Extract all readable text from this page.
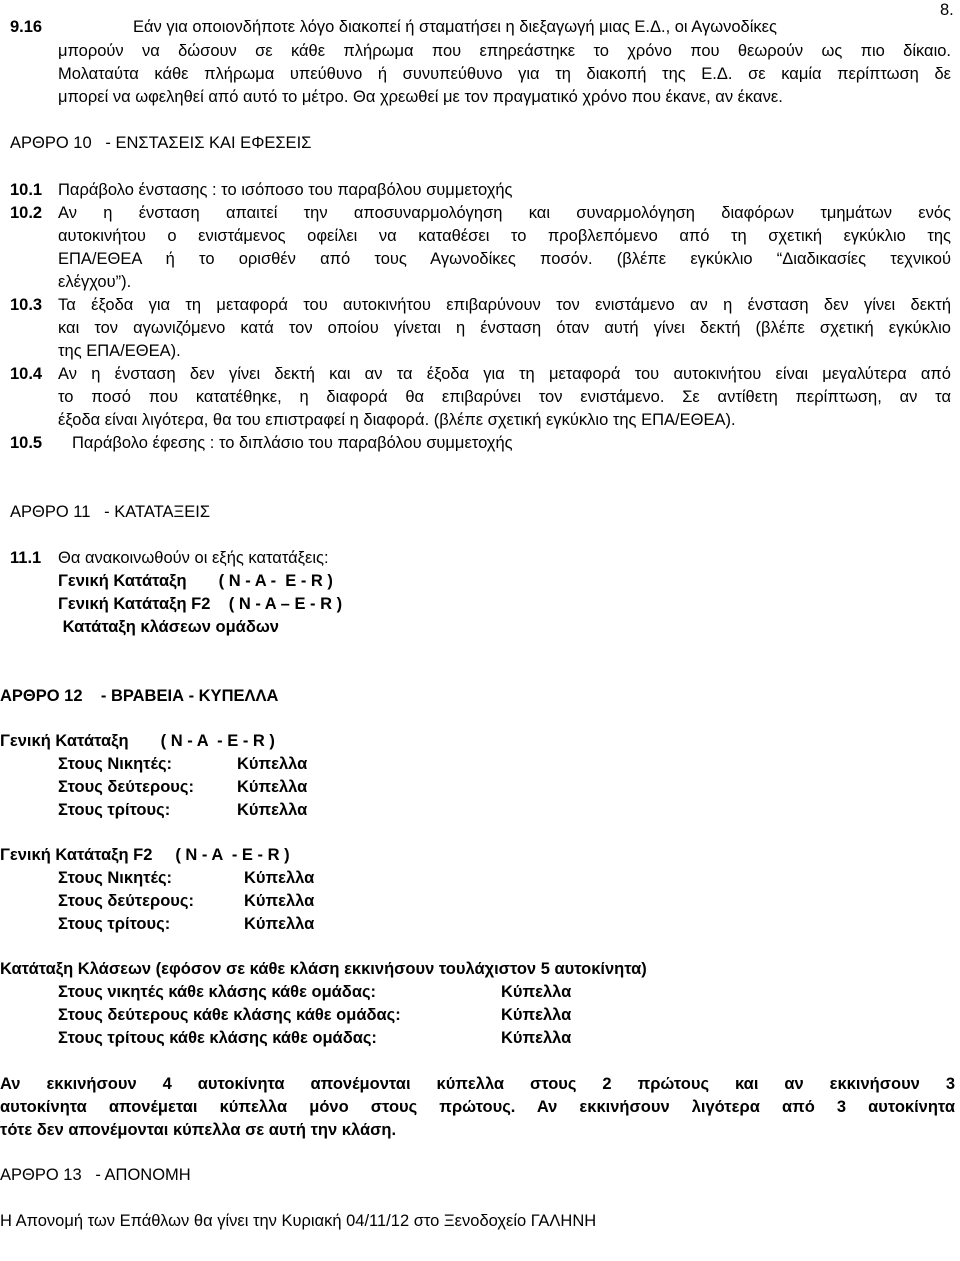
8.
9.16	Εάν για οποιονδήποτε λόγο διακοπεί ή σταματήσει η διεξαγωγή μιας Ε.Δ., οι Αγωνοδίκες
μπορούν να δώσουν σε κάθε πλήρωμα που επηρεάστηκε το χρόνο που θεωρούν ως πιο δίκαιο.
Μολαταύτα κάθε πλήρωμα υπεύθυνο ή συνυπεύθυνο για τη διακοπή της Ε.Δ. σε καμία περίπτωση δε
μπορεί να ωφεληθεί από αυτό το μέτρο. Θα χρεωθεί με τον πραγματικό χρόνο που έκανε, αν έκανε.
ΑΡΘΡΟ 10   - ΕΝΣΤΑΣΕΙΣ ΚΑΙ ΕΦΕΣΕΙΣ
10.1 Παράβολο ένστασης : το ισόποσο του παραβόλου συμμετοχής
10.2 Αν η ένσταση απαιτεί την αποσυναρμολόγηση και συναρμολόγηση διαφόρων τμημάτων ενός
αυτοκινήτου ο ενιστάμενος οφείλει να καταθέσει το προβλεπόμενο από τη σχετική εγκύκλιο της
ΕΠΑ/ΕΘΕΑ ή το ορισθέν από τους Αγωνοδίκες ποσόν. (βλέπε εγκύκλιο “Διαδικασίες τεχνικού
ελέγχου”).
10.3 Τα έξοδα για τη μεταφορά του αυτοκινήτου επιβαρύνουν τον ενιστάμενο αν η ένσταση δεν γίνει δεκτή
και τον αγωνιζόμενο κατά τον οποίου γίνεται η ένσταση όταν αυτή γίνει δεκτή (βλέπε σχετική εγκύκλιο
της ΕΠΑ/ΕΘΕΑ).
10.4 Αν η ένσταση δεν γίνει δεκτή και αν τα έξοδα για τη μεταφορά του αυτοκινήτου είναι μεγαλύτερα από
το ποσό που κατατέθηκε, η διαφορά θα επιβαρύνει τον ενιστάμενο. Σε αντίθετη περίπτωση, αν τα
έξοδα είναι λιγότερα, θα του επιστραφεί η διαφορά. (βλέπε σχετική εγκύκλιο της ΕΠΑ/ΕΘΕΑ).
10.5 Παράβολο έφεσης : το διπλάσιο του παραβόλου συμμετοχής
ΑΡΘΡΟ 11   - ΚΑΤΑΤΑΞΕΙΣ
11.1 Θα ανακοινωθούν οι εξής κατατάξεις:
Γενική Κατάταξη       ( N - A -  E - R )
Γενική Κατάταξη F2    ( N - A – E - R )
Κατάταξη κλάσεων ομάδων
ΑΡΘΡΟ 12    - ΒΡΑΒΕΙΑ - ΚΥΠΕΛΛΑ
Γενική Κατάταξη       ( N - A  - E - R )
Στους Νικητές:	Κύπελλα
Στους δεύτερους:	Κύπελλα
Στους τρίτους:	Κύπελλα
Γενική Κατάταξη F2     ( N - A  - E - R )
Στους Νικητές:	Κύπελλα
Στους δεύτερους:	Κύπελλα
Στους τρίτους:	Κύπελλα
Κατάταξη Κλάσεων (εφόσον σε κάθε κλάση εκκινήσουν τουλάχιστον 5 αυτοκίνητα)
Στους νικητές κάθε κλάσης κάθε ομάδας:	Κύπελλα
Στους δεύτερους κάθε κλάσης κάθε ομάδας:	Κύπελλα
Στους τρίτους κάθε κλάσης κάθε ομάδας:	Κύπελλα
Αν εκκινήσουν 4 αυτοκίνητα απονέμονται κύπελλα στους 2 πρώτους και αν εκκινήσουν 3
αυτοκίνητα απονέμεται κύπελλα μόνο στους πρώτους. Αν εκκινήσουν λιγότερα από 3 αυτοκίνητα
τότε δεν απονέμονται κύπελλα σε αυτή την κλάση.
ΑΡΘΡΟ 13   - ΑΠΟΝΟΜΗ
Η Απονομή των Επάθλων θα γίνει την Κυριακή 04/11/12 στο Ξενοδοχείο ΓΑΛΗΝΗ
